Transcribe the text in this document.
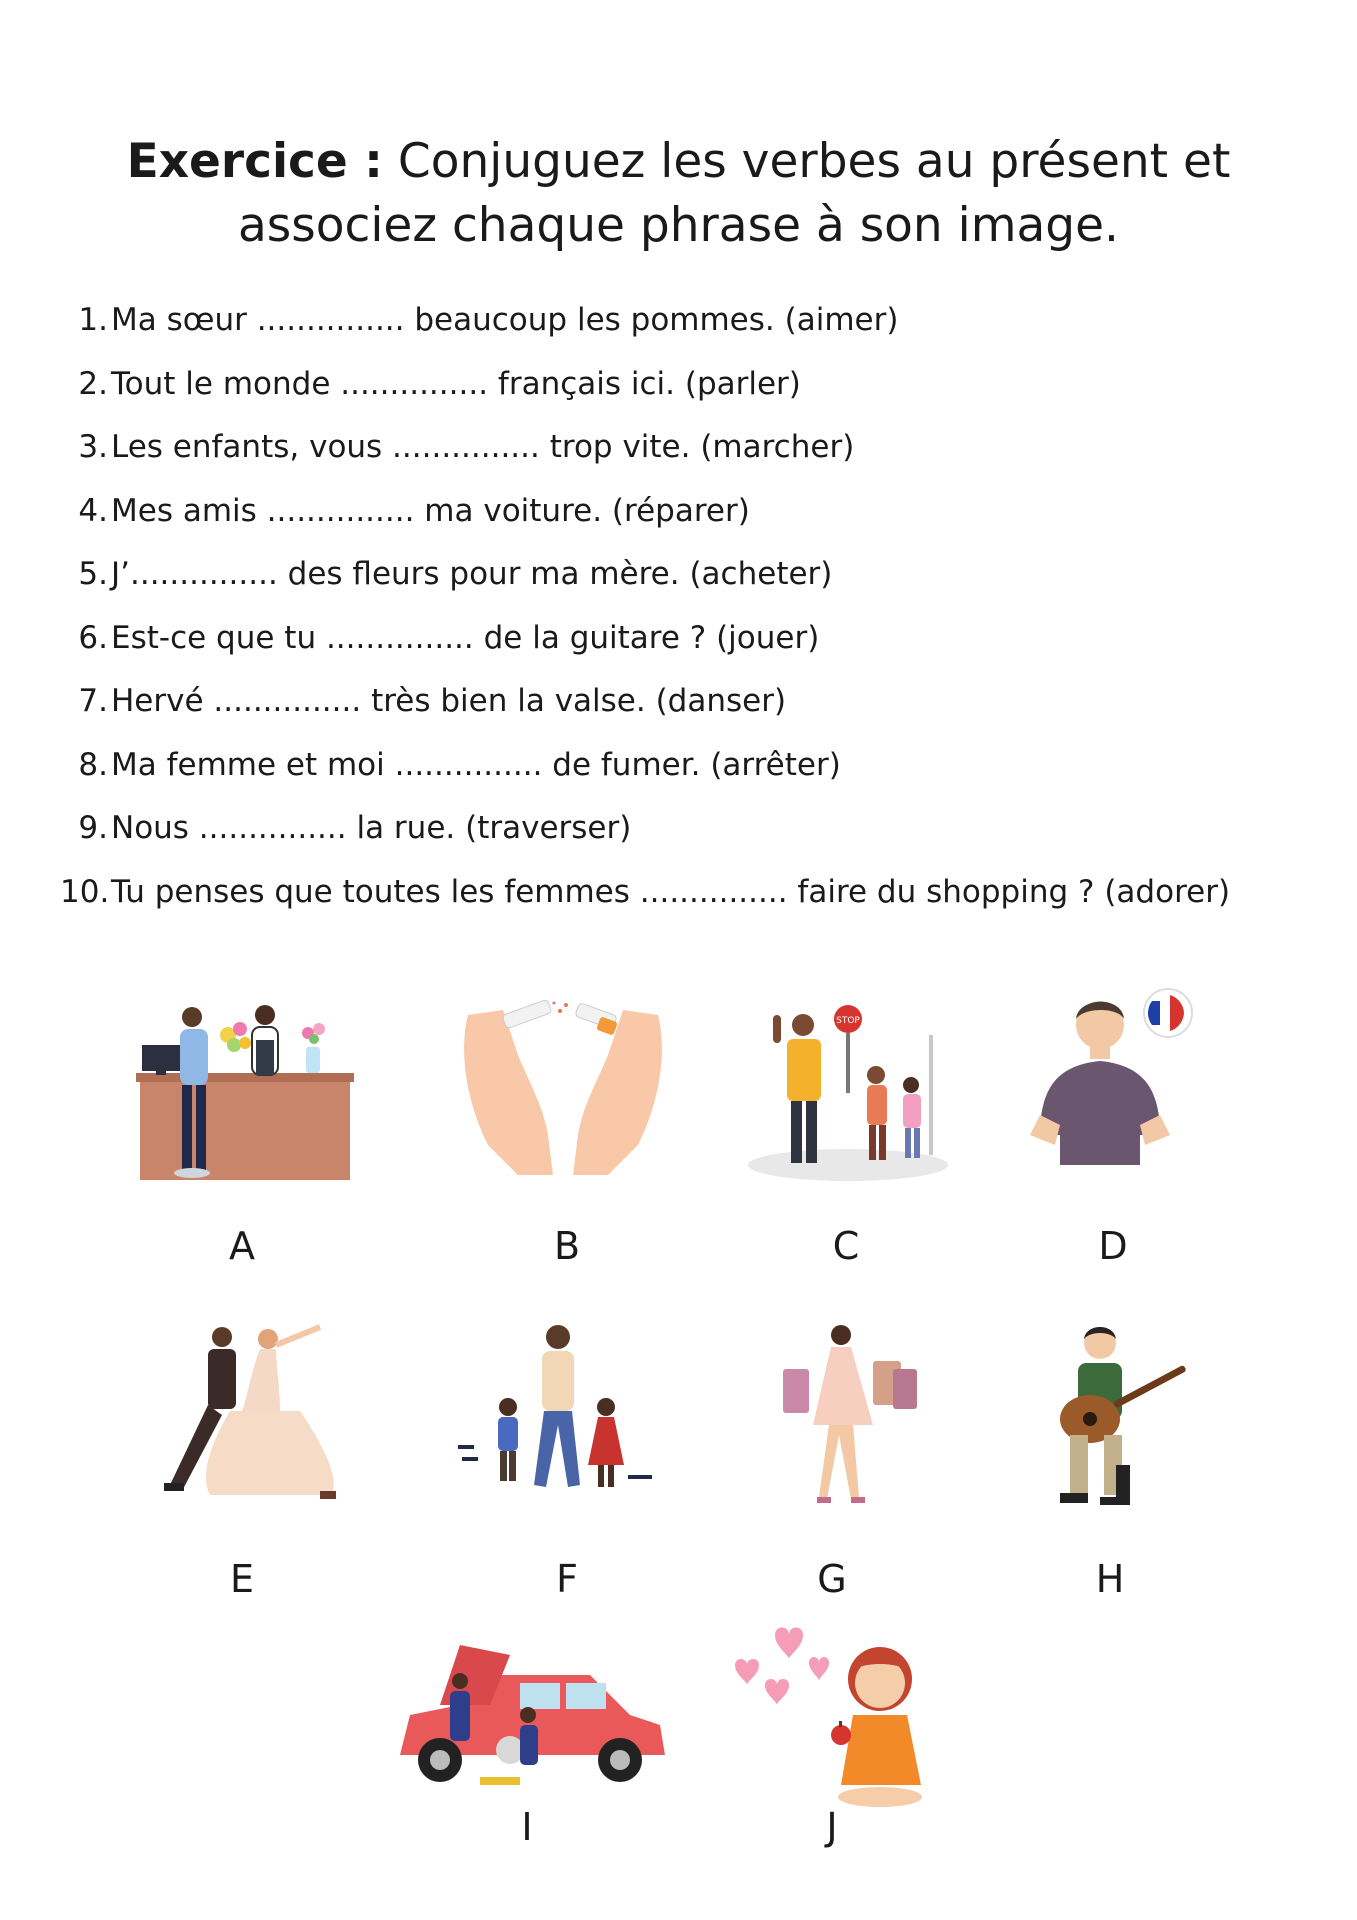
Exercice : Conjuguez les verbes au présent et associez chaque phrase à son image.
1.Ma sœur ............... beaucoup les pommes. (aimer)
2.Tout le monde ............... français ici. (parler)
3.Les enfants, vous ............... trop vite. (marcher)
4.Mes amis ............... ma voiture. (réparer)
5.J’............... des fleurs pour ma mère. (acheter)
6.Est-ce que tu ............... de la guitare ? (jouer)
7.Hervé ............... très bien la valse. (danser)
8.Ma femme et moi ............... de fumer. (arrêter)
9.Nous ............... la rue. (traverser)
10.Tu penses que toutes les femmes ............... faire du shopping ? (adorer)
STOP
A	B	C	D
E	F	G	H
I	J
